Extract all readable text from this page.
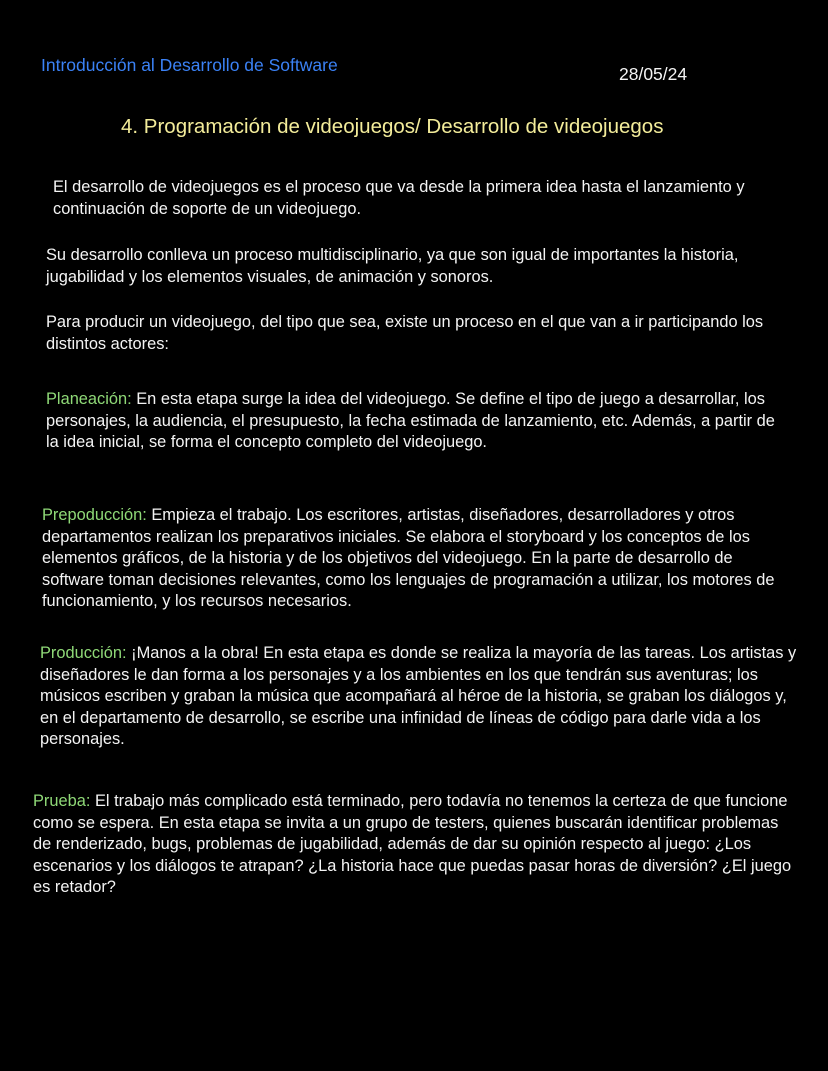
Introducción al Desarrollo de Software	28/05/24
4. Programación de videojuegos/ Desarrollo de videojuegos

El desarrollo de videojuegos es el proceso que va desde la primera idea hasta el lanzamiento y continuación de soporte de un videojuego.

Su desarrollo conlleva un proceso multidisciplinario, ya que son igual de importantes la historia, jugabilidad y los elementos visuales, de animación y sonoros.

Para producir un videojuego, del tipo que sea, existe un proceso en el que van a ir participando los distintos actores:

Planeación: En esta etapa surge la idea del videojuego. Se define el tipo de juego a desarrollar, los personajes, la audiencia, el presupuesto, la fecha estimada de lanzamiento, etc. Además, a partir de la idea inicial, se forma el concepto completo del videojuego.

Prepoducción: Empieza el trabajo. Los escritores, artistas, diseñadores, desarrolladores y otros departamentos realizan los preparativos iniciales. Se elabora el storyboard y los conceptos de los elementos gráficos, de la historia y de los objetivos del videojuego. En la parte de desarrollo de software toman decisiones relevantes, como los lenguajes de programación a utilizar, los motores de funcionamiento, y los recursos necesarios.

Producción: ¡Manos a la obra! En esta etapa es donde se realiza la mayoría de las tareas. Los artistas y diseñadores le dan forma a los personajes y a los ambientes en los que tendrán sus aventuras; los músicos escriben y graban la música que acompañará al héroe de la historia, se graban los diálogos y, en el departamento de desarrollo, se escribe una infinidad de líneas de código para darle vida a los personajes.

Prueba: El trabajo más complicado está terminado, pero todavía no tenemos la certeza de que funcione como se espera. En esta etapa se invita a un grupo de testers, quienes buscarán identificar problemas de renderizado, bugs, problemas de jugabilidad, además de dar su opinión respecto al juego: ¿Los escenarios y los diálogos te atrapan? ¿La historia hace que puedas pasar horas de diversión? ¿El juego es retador?
